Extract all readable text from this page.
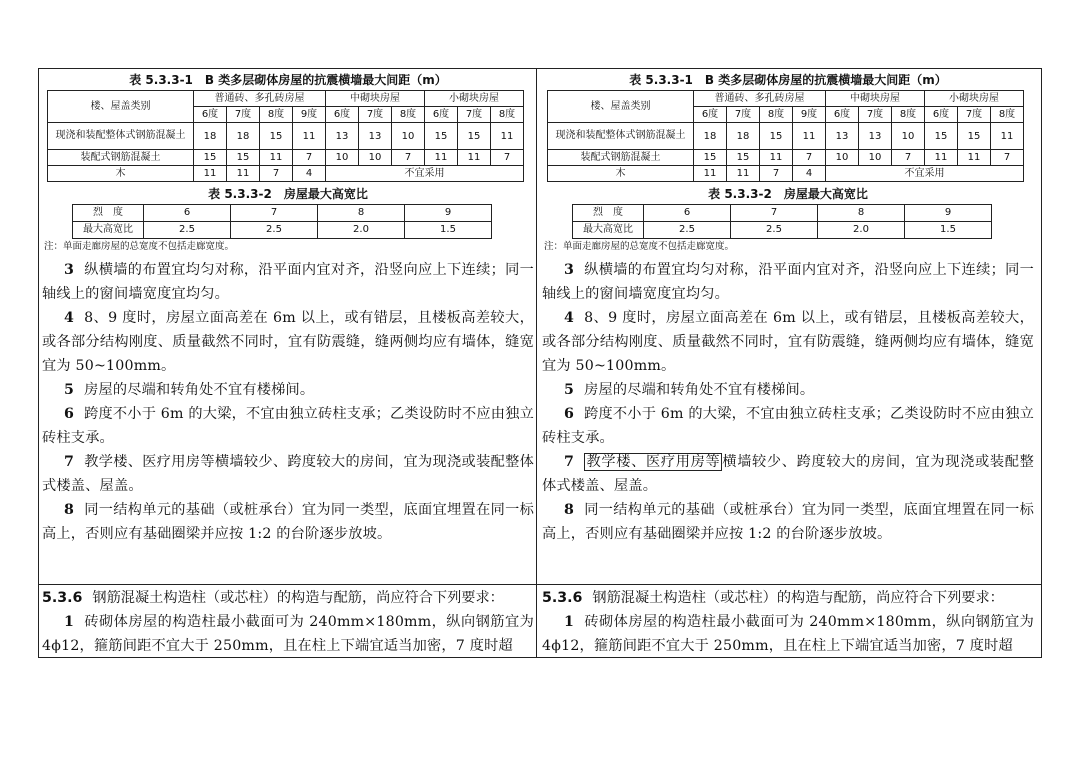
表 5.3.3-1　B 类多层砌体房屋的抗震横墙最大间距（m）
楼、屋盖类别	普通砖、多孔砖房屋				中砌块房屋			小砌块房屋		
	6度	7度	8度	9度	6度	7度	8度	6度	7度	8度
现浇和装配整体式钢筋混凝土	18	18	15	11	13	13	10	15	15	11
装配式钢筋混凝土	15	15	11	7	10	10	7	11	11	7
木	11	11	7	4	不宜采用					
表 5.3.3-2　房屋最大高宽比
烈　度	6	7	8	9
最大高宽比	2.5	2.5	2.0	1.5
注：单面走廊房屋的总宽度不包括走廊宽度。

3 纵横墙的布置宜均匀对称，沿平面内宜对齐，沿竖向应上下连续；同一轴线上的窗间墙宽度宜均匀。

4 8、9 度时，房屋立面高差在 6m 以上，或有错层，且楼板高差较大，或各部分结构刚度、质量截然不同时，宜有防震缝，缝两侧均应有墙体，缝宽宜为 50~100mm。

5 房屋的尽端和转角处不宜有楼梯间。

6 跨度不小于 6m 的大梁，不宜由独立砖柱支承；乙类设防时不应由独立砖柱支承。

7 教学楼、医疗用房等横墙较少、跨度较大的房间，宜为现浇或装配整体式楼盖、屋盖。

8 同一结构单元的基础（或桩承台）宜为同一类型，底面宜埋置在同一标高上，否则应有基础圈梁并应按 1:2 的台阶逐步放坡。

5.3.6 钢筋混凝土构造柱（或芯柱）的构造与配筋，尚应符合下列要求：

1 砖砌体房屋的构造柱最小截面可为 240mm×180mm，纵向钢筋宜为 4ϕ12，箍筋间距不宜大于 250mm，且在柱上下端宜适当加密，7 度时超

表 5.3.3-1　B 类多层砌体房屋的抗震横墙最大间距（m）
楼、屋盖类别	普通砖、多孔砖房屋				中砌块房屋			小砌块房屋		
	6度	7度	8度	9度	6度	7度	8度	6度	7度	8度
现浇和装配整体式钢筋混凝土	18	18	15	11	13	13	10	15	15	11
装配式钢筋混凝土	15	15	11	7	10	10	7	11	11	7
木	11	11	7	4	不宜采用					
表 5.3.3-2　房屋最大高宽比
烈　度	6	7	8	9
最大高宽比	2.5	2.5	2.0	1.5
注：单面走廊房屋的总宽度不包括走廊宽度。

3 纵横墙的布置宜均匀对称，沿平面内宜对齐，沿竖向应上下连续；同一轴线上的窗间墙宽度宜均匀。

4 8、9 度时，房屋立面高差在 6m 以上，或有错层，且楼板高差较大，或各部分结构刚度、质量截然不同时，宜有防震缝，缝两侧均应有墙体，缝宽宜为 50~100mm。

5 房屋的尽端和转角处不宜有楼梯间。

6 跨度不小于 6m 的大梁，不宜由独立砖柱支承；乙类设防时不应由独立砖柱支承。

7 教学楼、医疗用房等 横墙较少、跨度较大的房间，宜为现浇或装配整体式楼盖、屋盖。

8 同一结构单元的基础（或桩承台）宜为同一类型，底面宜埋置在同一标高上，否则应有基础圈梁并应按 1:2 的台阶逐步放坡。

5.3.6 钢筋混凝土构造柱（或芯柱）的构造与配筋，尚应符合下列要求：

1 砖砌体房屋的构造柱最小截面可为 240mm×180mm，纵向钢筋宜为 4ϕ12，箍筋间距不宜大于 250mm，且在柱上下端宜适当加密，7 度时超
